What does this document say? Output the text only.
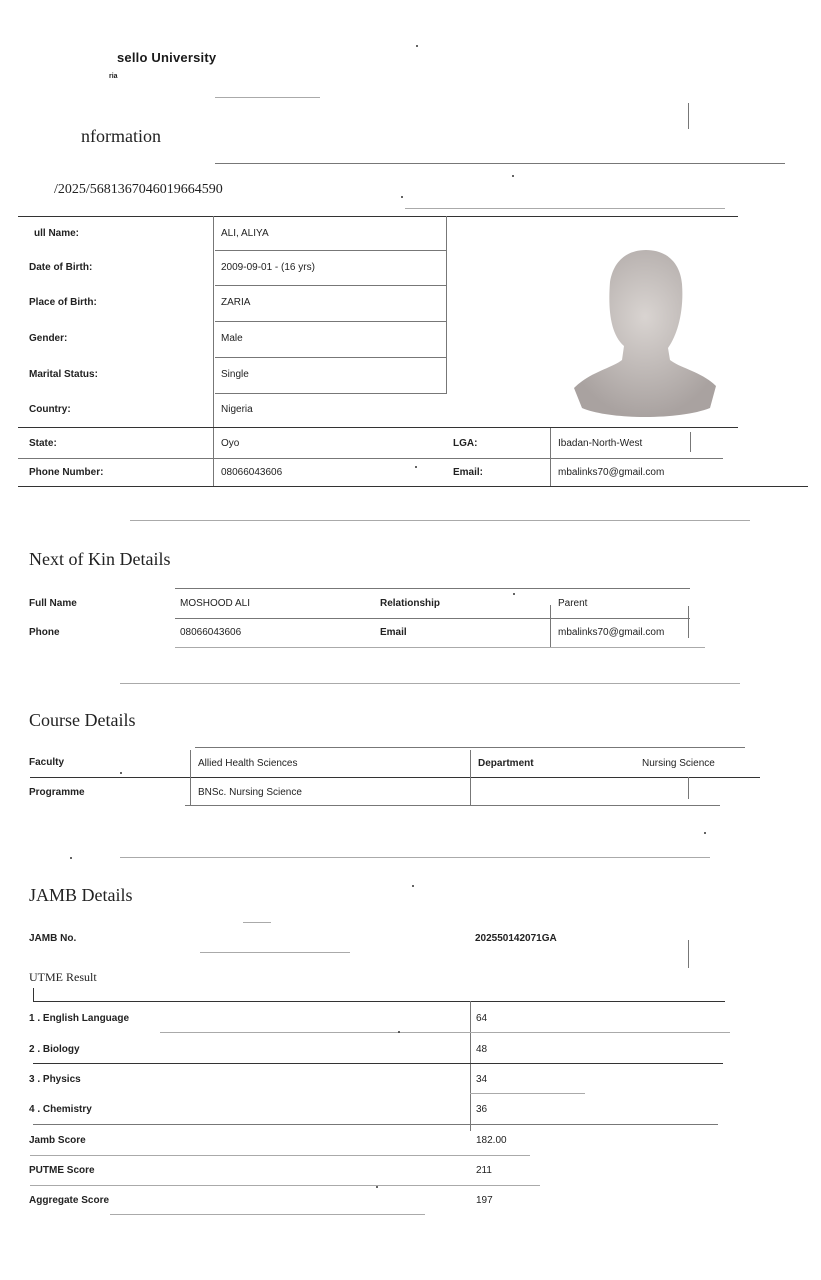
sello University
ria
nformation
/2025/5681367046019664590
ull Name:	ALI, ALIYA
Date of Birth:	2009-09-01 - (16 yrs)
Place of Birth:	ZARIA
Gender:	Male
Marital Status:	Single
Country:	Nigeria
State:	Oyo	LGA:	Ibadan-North-West
Phone Number:	08066043606	Email:	mbalinks70@gmail.com
Next of Kin Details
Full Name	MOSHOOD ALI	Relationship	Parent
Phone	08066043606	Email	mbalinks70@gmail.com
Course Details
Faculty	Allied Health Sciences	Department	Nursing Science
Programme	BNSc. Nursing Science
JAMB Details
JAMB No.	202550142071GA
UTME Result
1 . English Language	64
2 . Biology	48
3 . Physics	34
4 . Chemistry	36
Jamb Score	182.00
PUTME Score	211
Aggregate Score	197
